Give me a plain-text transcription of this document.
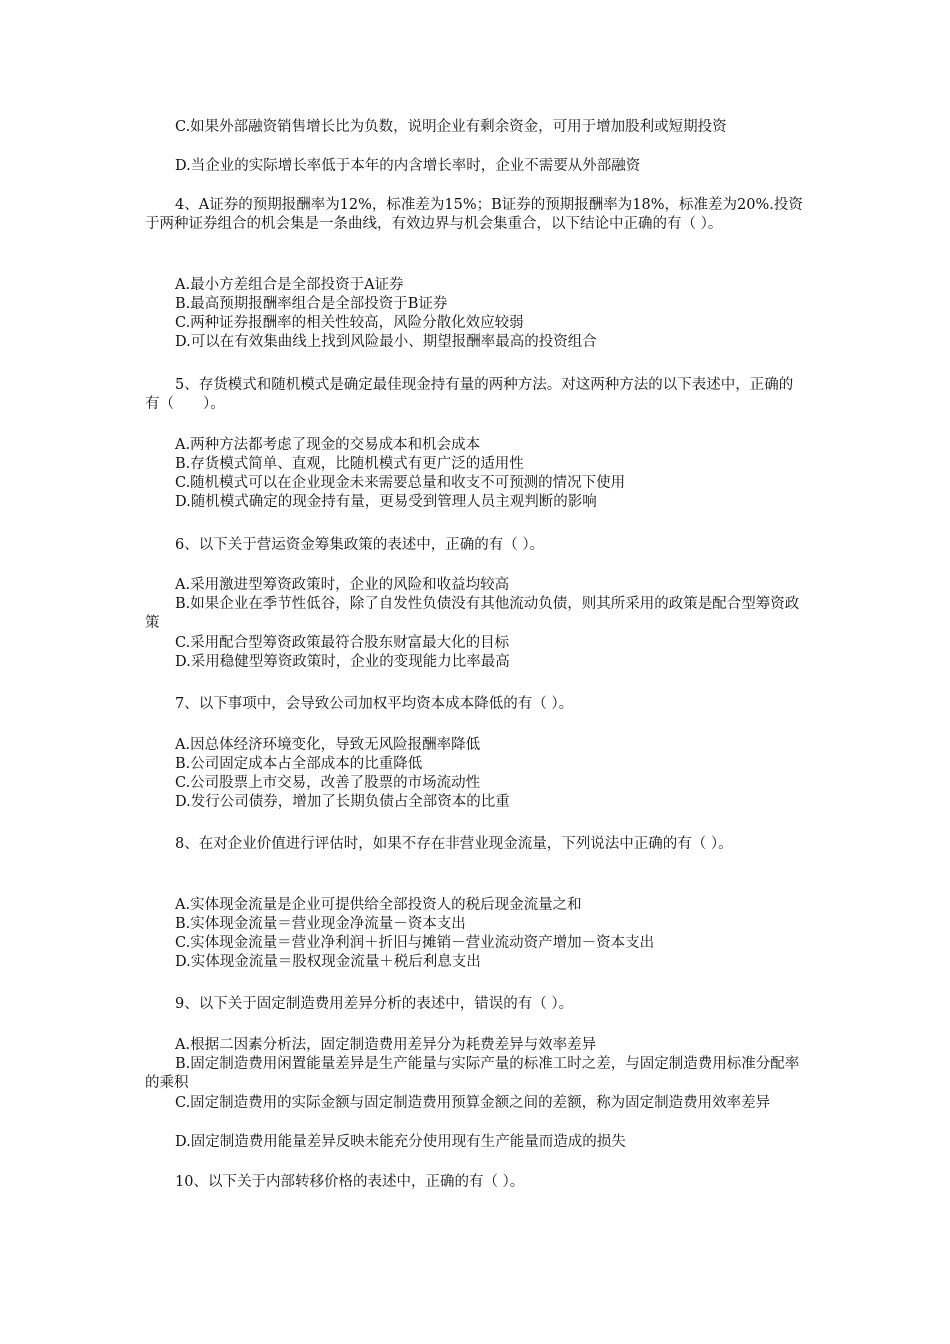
C.如果外部融资销售增长比为负数，说明企业有剩余资金，可用于增加股利或短期投资
D.当企业的实际增长率低于本年的内含增长率时，企业不需要从外部融资
4、A证券的预期报酬率为12%，标准差为15%；B证券的预期报酬率为18%，标准差为20%.投资于两种证券组合的机会集是一条曲线，有效边界与机会集重合，以下结论中正确的有（ ）。
A.最小方差组合是全部投资于A证券
B.最高预期报酬率组合是全部投资于B证券
C.两种证券报酬率的相关性较高，风险分散化效应较弱
D.可以在有效集曲线上找到风险最小、期望报酬率最高的投资组合
5、存货模式和随机模式是确定最佳现金持有量的两种方法。对这两种方法的以下表述中，正确的有（　　）。
A.两种方法都考虑了现金的交易成本和机会成本
B.存货模式简单、直观，比随机模式有更广泛的适用性
C.随机模式可以在企业现金未来需要总量和收支不可预测的情况下使用
D.随机模式确定的现金持有量，更易受到管理人员主观判断的影响
6、以下关于营运资金筹集政策的表述中，正确的有（ ）。
A.采用激进型筹资政策时，企业的风险和收益均较高
B.如果企业在季节性低谷，除了自发性负债没有其他流动负债，则其所采用的政策是配合型筹资政策
C.采用配合型筹资政策最符合股东财富最大化的目标
D.采用稳健型筹资政策时，企业的变现能力比率最高
7、以下事项中，会导致公司加权平均资本成本降低的有（ ）。
A.因总体经济环境变化，导致无风险报酬率降低
B.公司固定成本占全部成本的比重降低
C.公司股票上市交易，改善了股票的市场流动性
D.发行公司债券，增加了长期负债占全部资本的比重
8、在对企业价值进行评估时，如果不存在非营业现金流量，下列说法中正确的有（ ）。
A.实体现金流量是企业可提供给全部投资人的税后现金流量之和
B.实体现金流量＝营业现金净流量－资本支出
C.实体现金流量＝营业净利润＋折旧与摊销－营业流动资产增加－资本支出
D.实体现金流量＝股权现金流量＋税后利息支出
9、以下关于固定制造费用差异分析的表述中，错误的有（ ）。
A.根据二因素分析法，固定制造费用差异分为耗费差异与效率差异
B.固定制造费用闲置能量差异是生产能量与实际产量的标准工时之差，与固定制造费用标准分配率的乘积
C.固定制造费用的实际金额与固定制造费用预算金额之间的差额，称为固定制造费用效率差异
D.固定制造费用能量差异反映未能充分使用现有生产能量而造成的损失
10、以下关于内部转移价格的表述中，正确的有（ ）。
